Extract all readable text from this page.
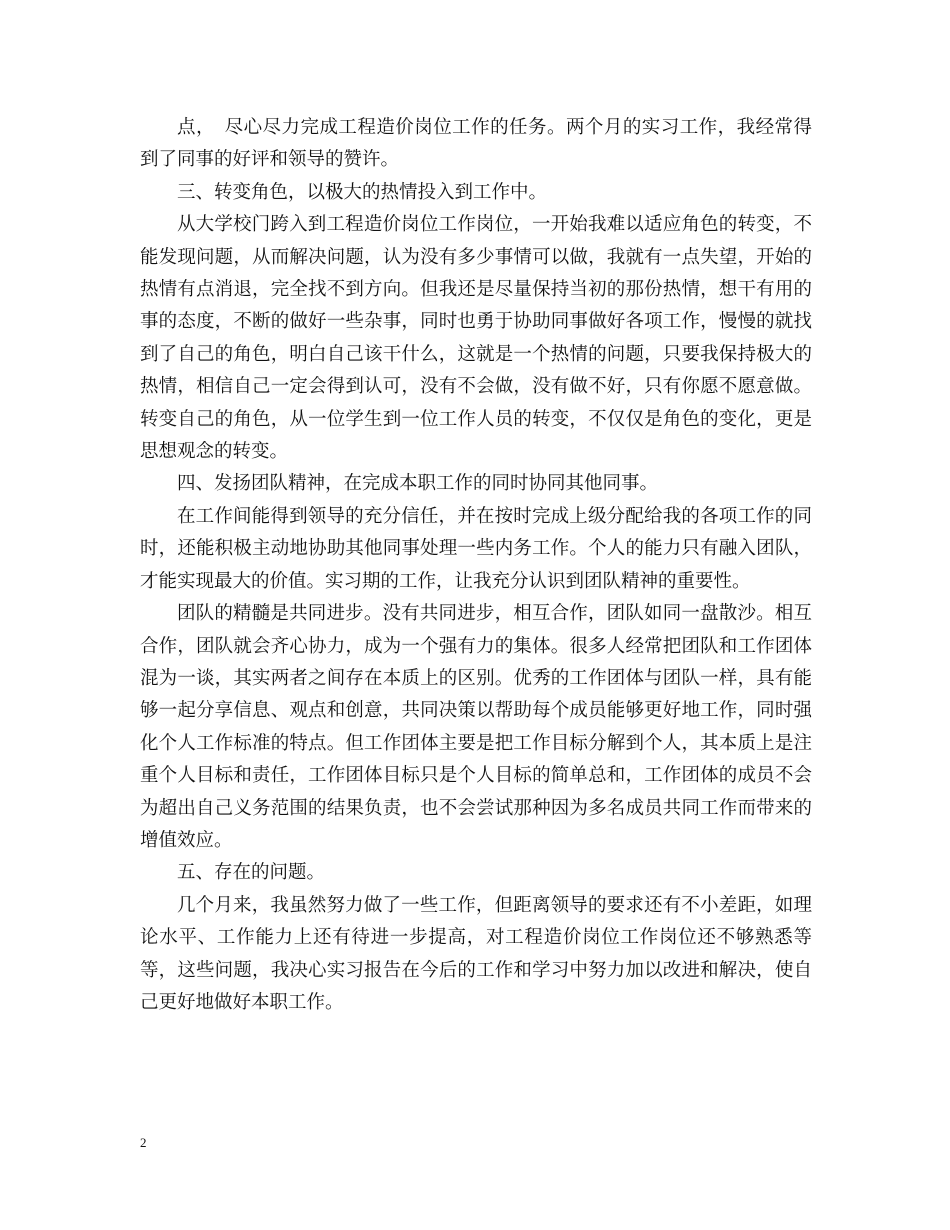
点，　尽心尽力完成工程造价岗位工作的任务。两个月的实习工作，我经常得到了同事的好评和领导的赞许。

三、转变角色，以极大的热情投入到工作中。

从大学校门跨入到工程造价岗位工作岗位，一开始我难以适应角色的转变，不能发现问题，从而解决问题，认为没有多少事情可以做，我就有一点失望，开始的热情有点消退，完全找不到方向。但我还是尽量保持当初的那份热情，想干有用的事的态度，不断的做好一些杂事，同时也勇于协助同事做好各项工作，慢慢的就找到了自己的角色，明白自己该干什么，这就是一个热情的问题，只要我保持极大的热情，相信自己一定会得到认可，没有不会做，没有做不好，只有你愿不愿意做。转变自己的角色，从一位学生到一位工作人员的转变，不仅仅是角色的变化，更是思想观念的转变。

四、发扬团队精神，在完成本职工作的同时协同其他同事。

在工作间能得到领导的充分信任，并在按时完成上级分配给我的各项工作的同时，还能积极主动地协助其他同事处理一些内务工作。个人的能力只有融入团队，才能实现最大的价值。实习期的工作，让我充分认识到团队精神的重要性。

团队的精髓是共同进步。没有共同进步，相互合作，团队如同一盘散沙。相互合作，团队就会齐心协力，成为一个强有力的集体。很多人经常把团队和工作团体混为一谈，其实两者之间存在本质上的区别。优秀的工作团体与团队一样，具有能够一起分享信息、观点和创意，共同决策以帮助每个成员能够更好地工作，同时强化个人工作标准的特点。但工作团体主要是把工作目标分解到个人，其本质上是注重个人目标和责任，工作团体目标只是个人目标的简单总和，工作团体的成员不会为超出自己义务范围的结果负责，也不会尝试那种因为多名成员共同工作而带来的增值效应。

五、存在的问题。

几个月来，我虽然努力做了一些工作，但距离领导的要求还有不小差距，如理论水平、工作能力上还有待进一步提高，对工程造价岗位工作岗位还不够熟悉等等，这些问题，我决心实习报告在今后的工作和学习中努力加以改进和解决，使自己更好地做好本职工作。

2
